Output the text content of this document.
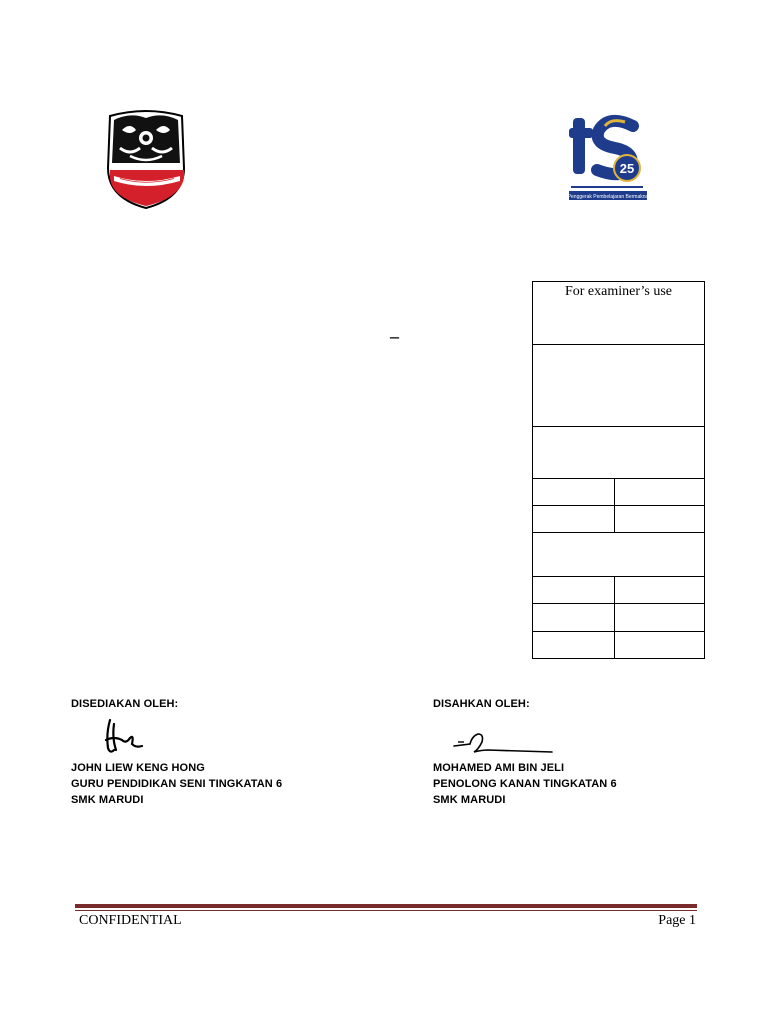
25
Penggerak Pembelajaran Bermakna
–
For examiner’s use	

DISEDIAKAN OLEH:
JOHN LIEW KENG HONG
GURU PENDIDIKAN SENI TINGKATAN 6
SMK MARUDI
DISAHKAN OLEH:
MOHAMED AMI BIN JELI
PENOLONG KANAN TINGKATAN 6
SMK MARUDI
CONFIDENTIAL	Page 1
